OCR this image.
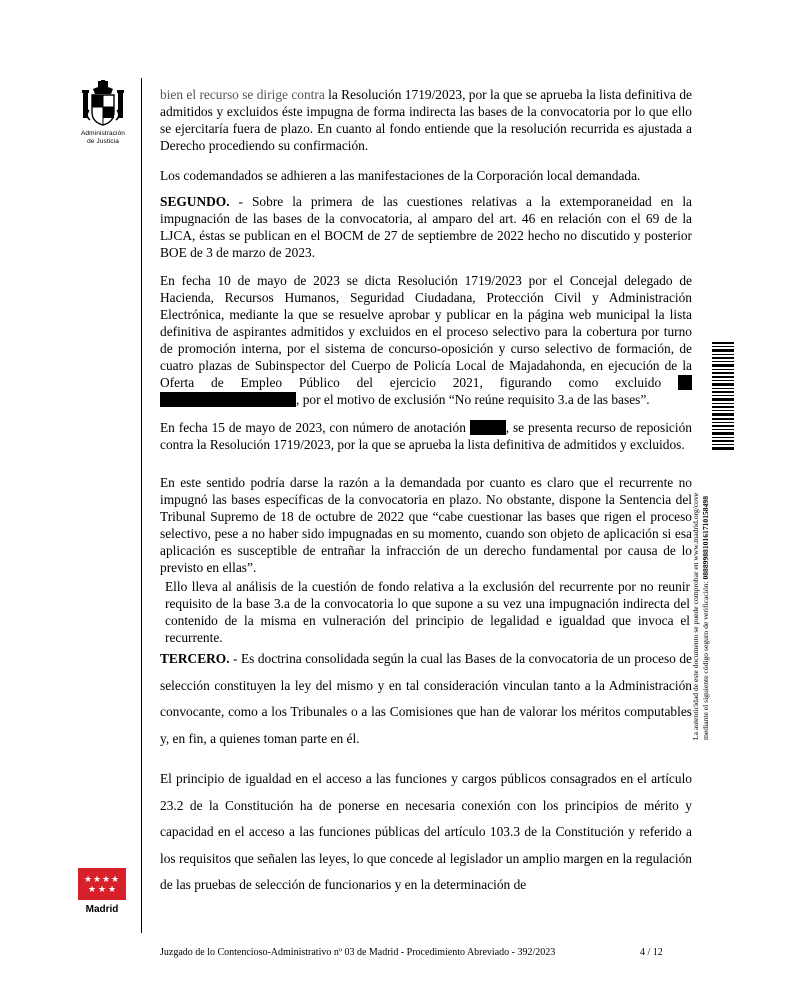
Administración
de Justicia
★ ★ ★ ★
★ ★ ★
Madrid
bien el recurso se dirige contra la Resolución 1719/2023, por la que se aprueba la lista definitiva de admitidos y excluidos éste impugna de forma indirecta las bases de la convocatoria por lo que ello se ejercitaría fuera de plazo. En cuanto al fondo entiende que la resolución recurrida es ajustada a Derecho procediendo su confirmación.
Los codemandados se adhieren a las manifestaciones de la Corporación local demandada.
SEGUNDO. - Sobre la primera de las cuestiones relativas a la extemporaneidad en la impugnación de las bases de la convocatoria, al amparo del art. 46 en relación con el 69 de la LJCA, éstas se publican en el BOCM de 27 de septiembre de 2022 hecho no discutido y posterior BOE de 3 de marzo de 2023.
En fecha 10 de mayo de 2023 se dicta Resolución 1719/2023 por el Concejal delegado de Hacienda, Recursos Humanos, Seguridad Ciudadana, Protección Civil y Administración Electrónica, mediante la que se resuelve aprobar y publicar en la página web municipal la lista definitiva de aspirantes admitidos y excluidos en el proceso selectivo para la cobertura por turno de promoción interna, por el sistema de concurso-oposición y curso selectivo de formación, de cuatro plazas de Subinspector del Cuerpo de Policía Local de Majadahonda, en ejecución de la Oferta de Empleo Público del ejercicio 2021, figurando como excluido  , por el motivo de exclusión “No reúne requisito 3.a de las bases”.
En fecha 15 de mayo de 2023, con número de anotación	, se presenta recurso de reposición contra la Resolución 1719/2023, por la que se aprueba la lista definitiva de admitidos y excluidos.
En este sentido podría darse la razón a la demandada por cuanto es claro que el recurrente no impugnó las bases específicas de la convocatoria en plazo. No obstante, dispone la Sentencia del Tribunal Supremo de 18 de octubre de 2022 que “cabe cuestionar las bases que rigen el proceso selectivo, pese a no haber sido impugnadas en su momento, cuando son objeto de aplicación si esa aplicación es susceptible de entrañar la infracción de un derecho fundamental por causa de lo previsto en ellas”.
Ello lleva al análisis de la cuestión de fondo relativa a la exclusión del recurrente por no reunir requisito de la base 3.a de la convocatoria lo que supone a su vez una impugnación indirecta del contenido de la misma en vulneración del principio de legalidad e igualdad que invoca el recurrente.
TERCERO. - Es doctrina consolidada según la cual las Bases de la convocatoria de un proceso de selección constituyen la ley del mismo y en tal consideración vinculan tanto a la Administración convocante, como a los Tribunales o a las Comisiones que han de valorar los méritos computables y, en fin, a quienes toman parte en él.
El principio de igualdad en el acceso a las funciones y cargos públicos consagrados en el artículo 23.2 de la Constitución ha de ponerse en necesaria conexión con los principios de mérito y capacidad en el acceso a las funciones públicas del artículo 103.3 de la Constitución y referido a los requisitos que señalen las leyes, lo que concede al legislador un amplio margen en la regulación de las pruebas de selección de funcionarios y en la determinación de
La autenticidad de este documento se puede comprobar en www.madrid.org/cove mediante el siguiente código seguro de verificación: 0888998810161710158498
Juzgado de lo Contencioso-Administrativo nº 03 de Madrid - Procedimiento Abreviado - 392/2023	4 / 12
